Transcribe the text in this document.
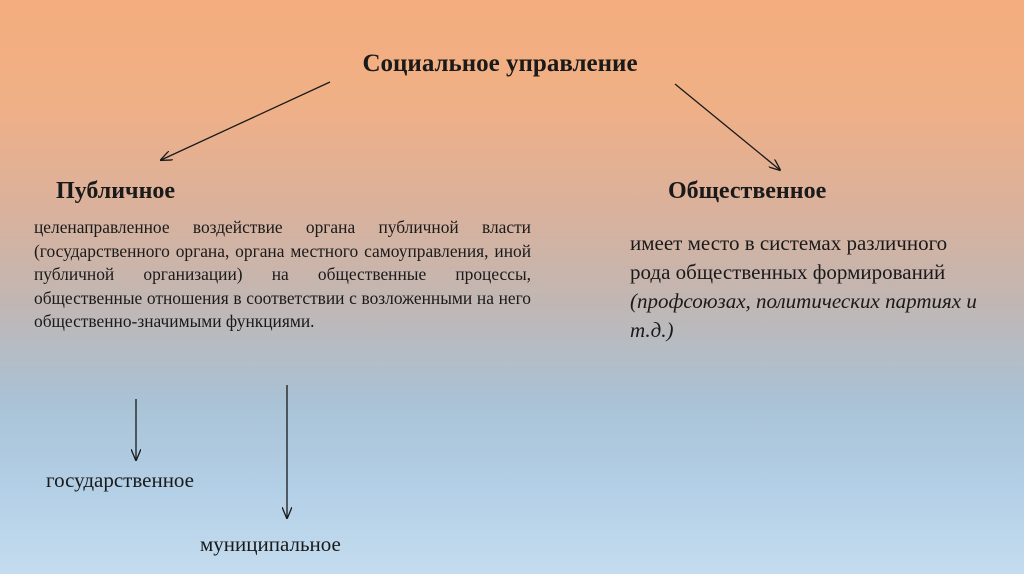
Социальное управление
Публичное	Общественное
целенаправленное воздействие органа публичной власти (государственного органа, органа местного самоуправления, иной публичной организации) на общественные процессы, общественные отношения в соответствии с возложенными на него общественно-значимыми функциями.
имеет место в системах различного рода общественных формирований (профсоюзах, политических партиях и т.д.)
государственное
муниципальное
